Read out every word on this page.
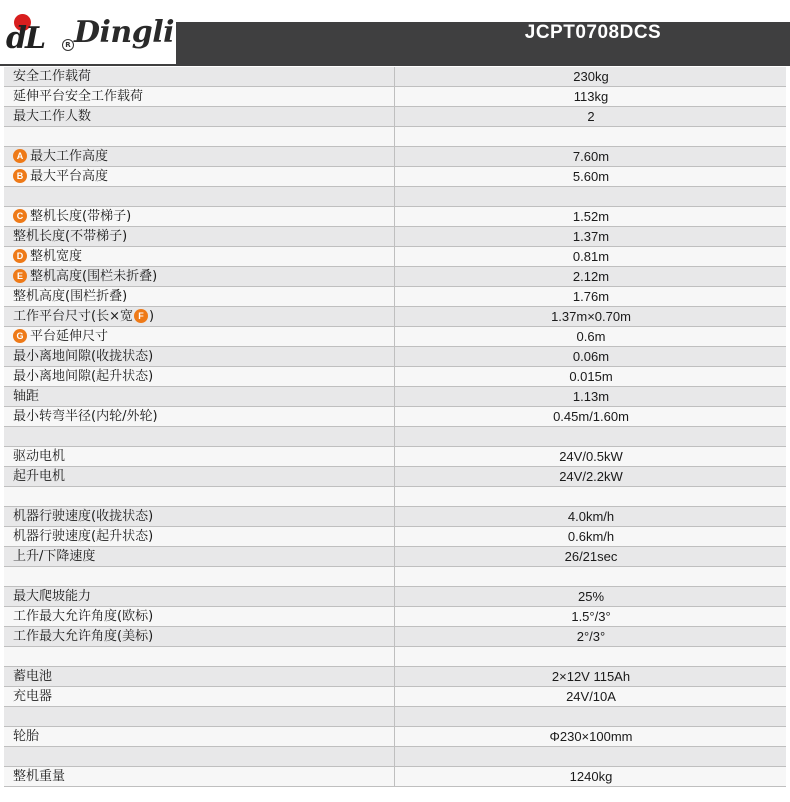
dL	R Dingli	JCPT0708DCS
安全工作载荷	230kg
延伸平台安全工作载荷	113kg
最大工作人数	2
A 最大工作高度	7.60m
B 最大平台高度	5.60m
C 整机长度(带梯子)	1.52m
整机长度(不带梯子)	1.37m
D 整机宽度	0.81m
E 整机高度(围栏未折叠)	2.12m
整机高度(围栏折叠)	1.76m
工作平台尺寸(长×宽 F )	1.37m×0.70m
G 平台延伸尺寸	0.6m
最小离地间隙(收拢状态)	0.06m
最小离地间隙(起升状态)	0.015m
轴距	1.13m
最小转弯半径(内轮/外轮)	0.45m/1.60m
驱动电机	24V/0.5kW
起升电机	24V/2.2kW
机器行驶速度(收拢状态)	4.0km/h
机器行驶速度(起升状态)	0.6km/h
上升/下降速度	26/21sec
最大爬坡能力	25%
工作最大允许角度(欧标)	1.5°/3°
工作最大允许角度(美标)	2°/3°
蓄电池	2×12V 115Ah
充电器	24V/10A
轮胎	Φ230×100mm
整机重量	1240kg
